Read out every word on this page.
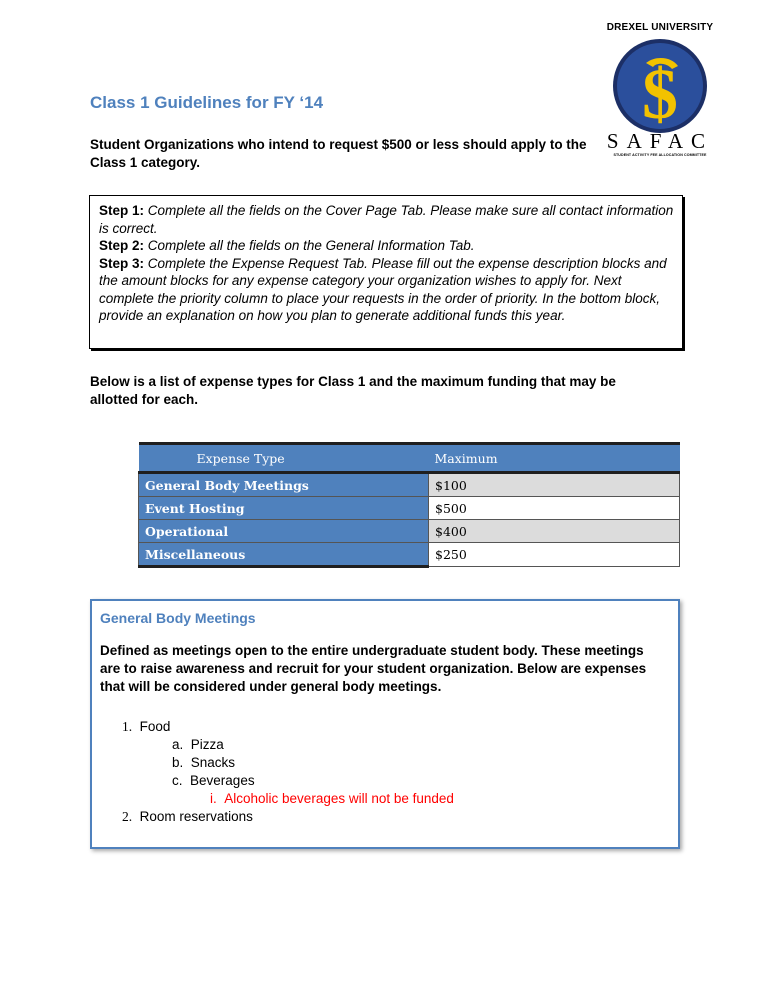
DREXEL UNIVERSITY
$
SAFAC
STUDENT ACTIVITY FEE ALLOCATION COMMITTEE
Class 1 Guidelines for FY ‘14

Student Organizations who intend to request $500 or less should apply to the Class 1 category.

Step 1: Complete all the fields on the Cover Page Tab. Please make sure all contact information is correct.

Step 2: Complete all the fields on the General Information Tab.

Step 3: Complete the Expense Request Tab. Please fill out the expense description blocks and the amount blocks for any expense category your organization wishes to apply for. Next complete the priority column to place your requests in the order of priority. In the bottom block, provide an explanation on how you plan to generate additional funds this year.

Below is a list of expense types for Class 1 and the maximum funding that may be allotted for each.

Expense Type	Maximum
General Body Meetings	$100
Event Hosting	$500
Operational	$400
Miscellaneous	$250
General Body Meetings

Defined as meetings open to the entire undergraduate student body. These meetings are to raise awareness and recruit for your student organization. Below are expenses that will be considered under general body meetings.

1. Food
a. Pizza
b. Snacks
c. Beverages
i. Alcoholic beverages will not be funded
2. Room reservations
